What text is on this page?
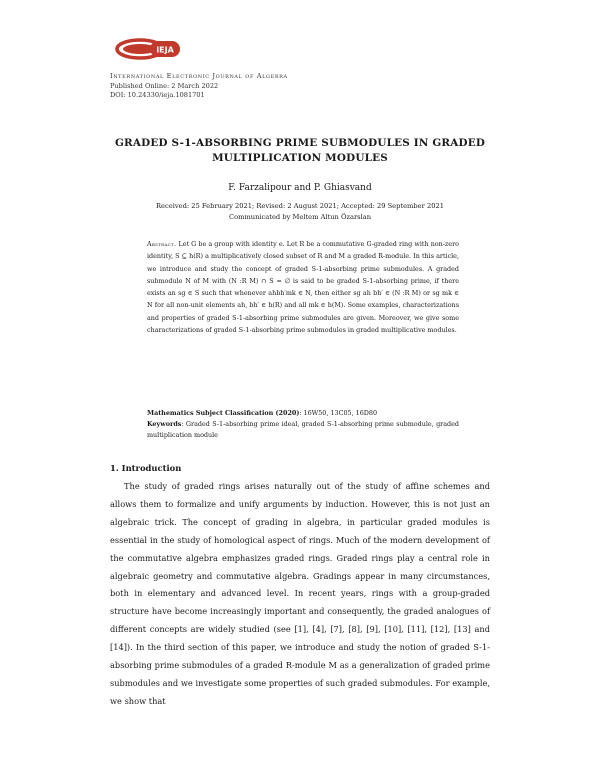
IEJA
International Electronic Journal of Algebra
Published Online: 2 March 2022
DOI: 10.24330/ieja.1081701
GRADED S-1-ABSORBING PRIME SUBMODULES IN GRADED MULTIPLICATION MODULES
F. Farzalipour and P. Ghiasvand
Received: 25 February 2021; Revised: 2 August 2021; Accepted: 29 September 2021
Communicated by Meltem Altun Özarslan
Abstract. Let G be a group with identity e. Let R be a commutative G-graded ring with non-zero identity, S ⊆ h(R) a multiplicatively closed subset of R and M a graded R-module. In this article, we introduce and study the concept of graded S-1-absorbing prime submodules. A graded submodule N of M with (N :R M) ∩ S = ∅ is said to be graded S-1-absorbing prime, if there exists an sg ∈ S such that whenever ahbh′mk ∈ N, then either sg ah bh′ ∈ (N :R M) or sg mk ∈ N for all non-unit elements ah, bh′ ∈ h(R) and all mk ∈ h(M). Some examples, characterizations and properties of graded S-1-absorbing prime submodules are given. Moreover, we give some characterizations of graded S-1-absorbing prime submodules in graded multiplicative modules.
Mathematics Subject Classification (2020): 16W50, 13C05, 16D80
Keywords: Graded S-1-absorbing prime ideal, graded S-1-absorbing prime submodule, graded multiplication module
1. Introduction
The study of graded rings arises naturally out of the study of affine schemes and allows them to formalize and unify arguments by induction. However, this is not just an algebraic trick. The concept of grading in algebra, in particular graded modules is essential in the study of homological aspect of rings. Much of the modern development of the commutative algebra emphasizes graded rings. Graded rings play a central role in algebraic geometry and commutative algebra. Gradings appear in many circumstances, both in elementary and advanced level. In recent years, rings with a group-graded structure have become increasingly important and consequently, the graded analogues of different concepts are widely studied (see [1], [4], [7], [8], [9], [10], [11], [12], [13] and [14]). In the third section of this paper, we introduce and study the notion of graded S-1-absorbing prime submodules of a graded R-module M as a generalization of graded prime submodules and we investigate some properties of such graded submodules. For example, we show that
